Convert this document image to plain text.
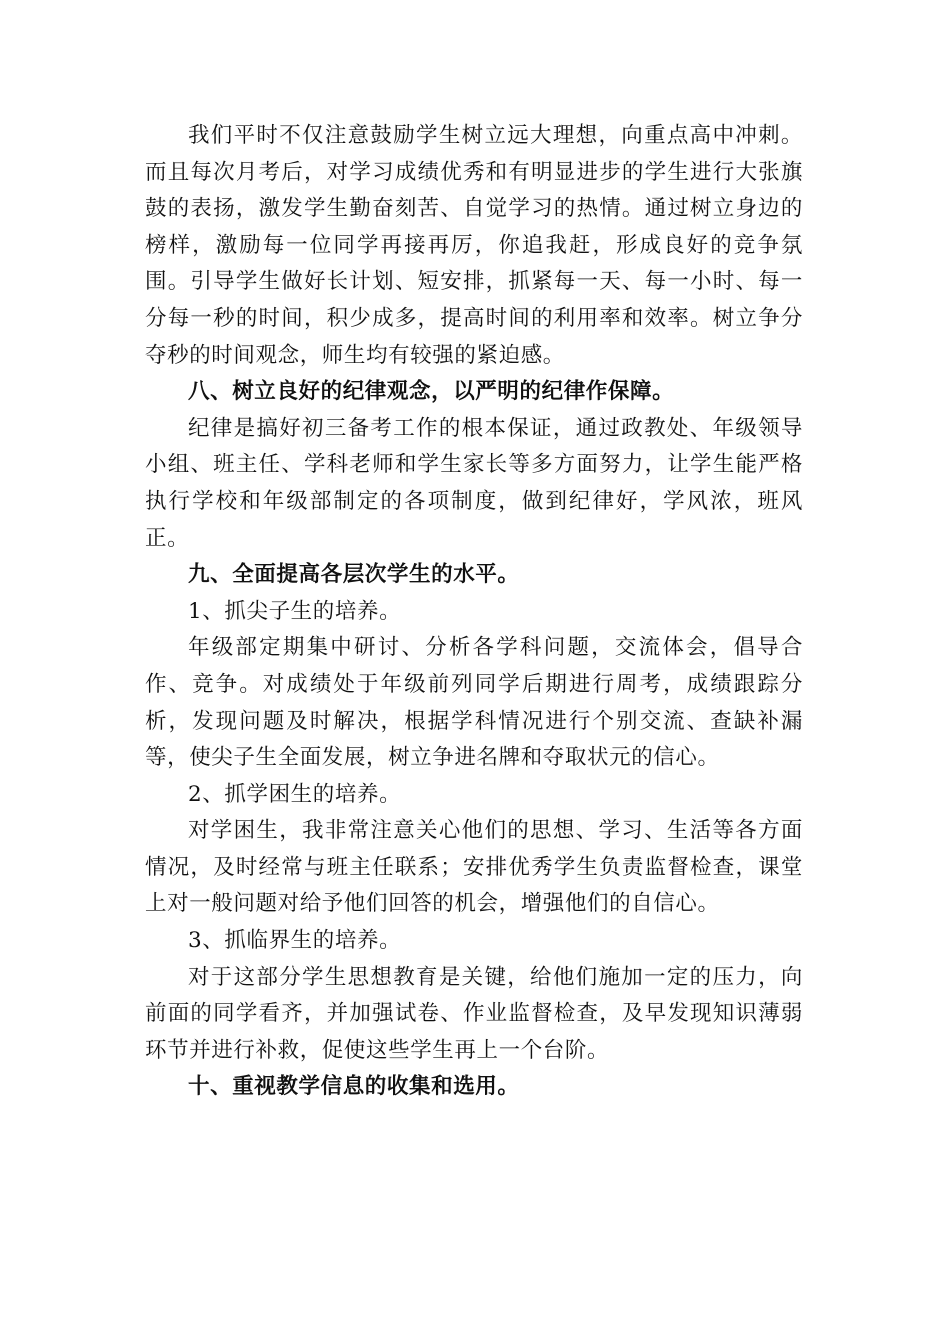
我们平时不仅注意鼓励学生树立远大理想，向重点高中冲刺。而且每次月考后，对学习成绩优秀和有明显进步的学生进行大张旗鼓的表扬，激发学生勤奋刻苦、自觉学习的热情。通过树立身边的榜样，激励每一位同学再接再厉，你追我赶，形成良好的竞争氛围。引导学生做好长计划、短安排，抓紧每一天、每一小时、每一分每一秒的时间，积少成多，提高时间的利用率和效率。树立争分夺秒的时间观念，师生均有较强的紧迫感。

八、树立良好的纪律观念，以严明的纪律作保障。

纪律是搞好初三备考工作的根本保证，通过政教处、年级领导小组、班主任、学科老师和学生家长等多方面努力，让学生能严格执行学校和年级部制定的各项制度，做到纪律好，学风浓，班风正。

九、全面提高各层次学生的水平。

1、抓尖子生的培养。

年级部定期集中研讨、分析各学科问题，交流体会，倡导合作、竞争。对成绩处于年级前列同学后期进行周考，成绩跟踪分析，发现问题及时解决，根据学科情况进行个别交流、查缺补漏等，使尖子生全面发展，树立争进名牌和夺取状元的信心。

2、抓学困生的培养。

对学困生，我非常注意关心他们的思想、学习、生活等各方面情况，及时经常与班主任联系；安排优秀学生负责监督检查，课堂上对一般问题对给予他们回答的机会，增强他们的自信心。

3、抓临界生的培养。

对于这部分学生思想教育是关键，给他们施加一定的压力，向前面的同学看齐，并加强试卷、作业监督检查，及早发现知识薄弱环节并进行补救，促使这些学生再上一个台阶。

十、重视教学信息的收集和选用。
